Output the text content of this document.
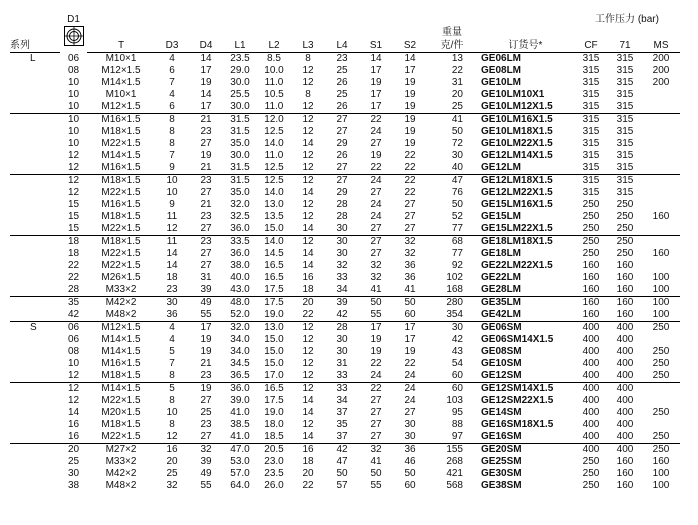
	D1												工作压力 (bar)		
			重量				
系列		T	D3	D4	L1	L2	L3	L4	S1	S2	克/件	订货号*	CF	71	MS
L	06	M10×1	4	14	23.5	8.5	8	23	14	14	13	GE06LM	315	315	200
	08	M12×1.5	6	17	29.0	10.0	12	25	17	17	22	GE08LM	315	315	200
	10	M14×1.5	7	19	30.0	11.0	12	26	19	19	31	GE10LM	315	315	200
	10	M10×1	4	14	25.5	10.5	8	25	17	19	20	GE10LM10X1	315	315	
	10	M12×1.5	6	17	30.0	11.0	12	26	17	19	25	GE10LM12X1.5	315	315	
	10	M16×1.5	8	21	31.5	12.0	12	27	22	19	41	GE10LM16X1.5	315	315	
	10	M18×1.5	8	23	31.5	12.5	12	27	24	19	50	GE10LM18X1.5	315	315	
	10	M22×1.5	8	27	35.0	14.0	14	29	27	19	72	GE10LM22X1.5	315	315	
	12	M14×1.5	7	19	30.0	11.0	12	26	19	22	30	GE12LM14X1.5	315	315	
	12	M16×1.5	9	21	31.5	12.5	12	27	22	22	40	GE12LM	315	315	
	12	M18×1.5	10	23	31.5	12.5	12	27	24	22	47	GE12LM18X1.5	315	315	
	12	M22×1.5	10	27	35.0	14.0	14	29	27	22	76	GE12LM22X1.5	315	315	
	15	M16×1.5	9	21	32.0	13.0	12	28	24	27	50	GE15LM16X1.5	250	250	
	15	M18×1.5	11	23	32.5	13.5	12	28	24	27	52	GE15LM	250	250	160
	15	M22×1.5	12	27	36.0	15.0	14	30	27	27	77	GE15LM22X1.5	250	250	
	18	M18×1.5	11	23	33.5	14.0	12	30	27	32	68	GE18LM18X1.5	250	250	
	18	M22×1.5	14	27	36.0	14.5	14	30	27	32	77	GE18LM	250	250	160
	22	M22×1.5	14	27	38.0	16.5	14	32	32	36	92	GE22LM22X1.5	160	160	
	22	M26×1.5	18	31	40.0	16.5	16	33	32	36	102	GE22LM	160	160	100
	28	M33×2	23	39	43.0	17.5	18	34	41	41	168	GE28LM	160	160	100
	35	M42×2	30	49	48.0	17.5	20	39	50	50	280	GE35LM	160	160	100
	42	M48×2	36	55	52.0	19.0	22	42	55	60	354	GE42LM	160	160	100
S	06	M12×1.5	4	17	32.0	13.0	12	28	17	17	30	GE06SM	400	400	250
	06	M14×1.5	4	19	34.0	15.0	12	30	19	17	42	GE06SM14X1.5	400	400	
	08	M14×1.5	5	19	34.0	15.0	12	30	19	19	43	GE08SM	400	400	250
	10	M16×1.5	7	21	34.5	15.0	12	31	22	22	54	GE10SM	400	400	250
	12	M18×1.5	8	23	36.5	17.0	12	33	24	24	60	GE12SM	400	400	250
	12	M14×1.5	5	19	36.0	16.5	12	33	22	24	60	GE12SM14X1.5	400	400	
	12	M22×1.5	8	27	39.0	17.5	14	34	27	24	103	GE12SM22X1.5	400	400	
	14	M20×1.5	10	25	41.0	19.0	14	37	27	27	95	GE14SM	400	400	250
	16	M18×1.5	8	23	38.5	18.0	12	35	27	30	88	GE16SM18X1.5	400	400	
	16	M22×1.5	12	27	41.0	18.5	14	37	27	30	97	GE16SM	400	400	250
	20	M27×2	16	32	47.0	20.5	16	42	32	36	155	GE20SM	400	400	250
	25	M33×2	20	39	53.0	23.0	18	47	41	46	268	GE25SM	250	160	160
	30	M42×2	25	49	57.0	23.5	20	50	50	50	421	GE30SM	250	160	100
	38	M48×2	32	55	64.0	26.0	22	57	55	60	568	GE38SM	250	160	100
